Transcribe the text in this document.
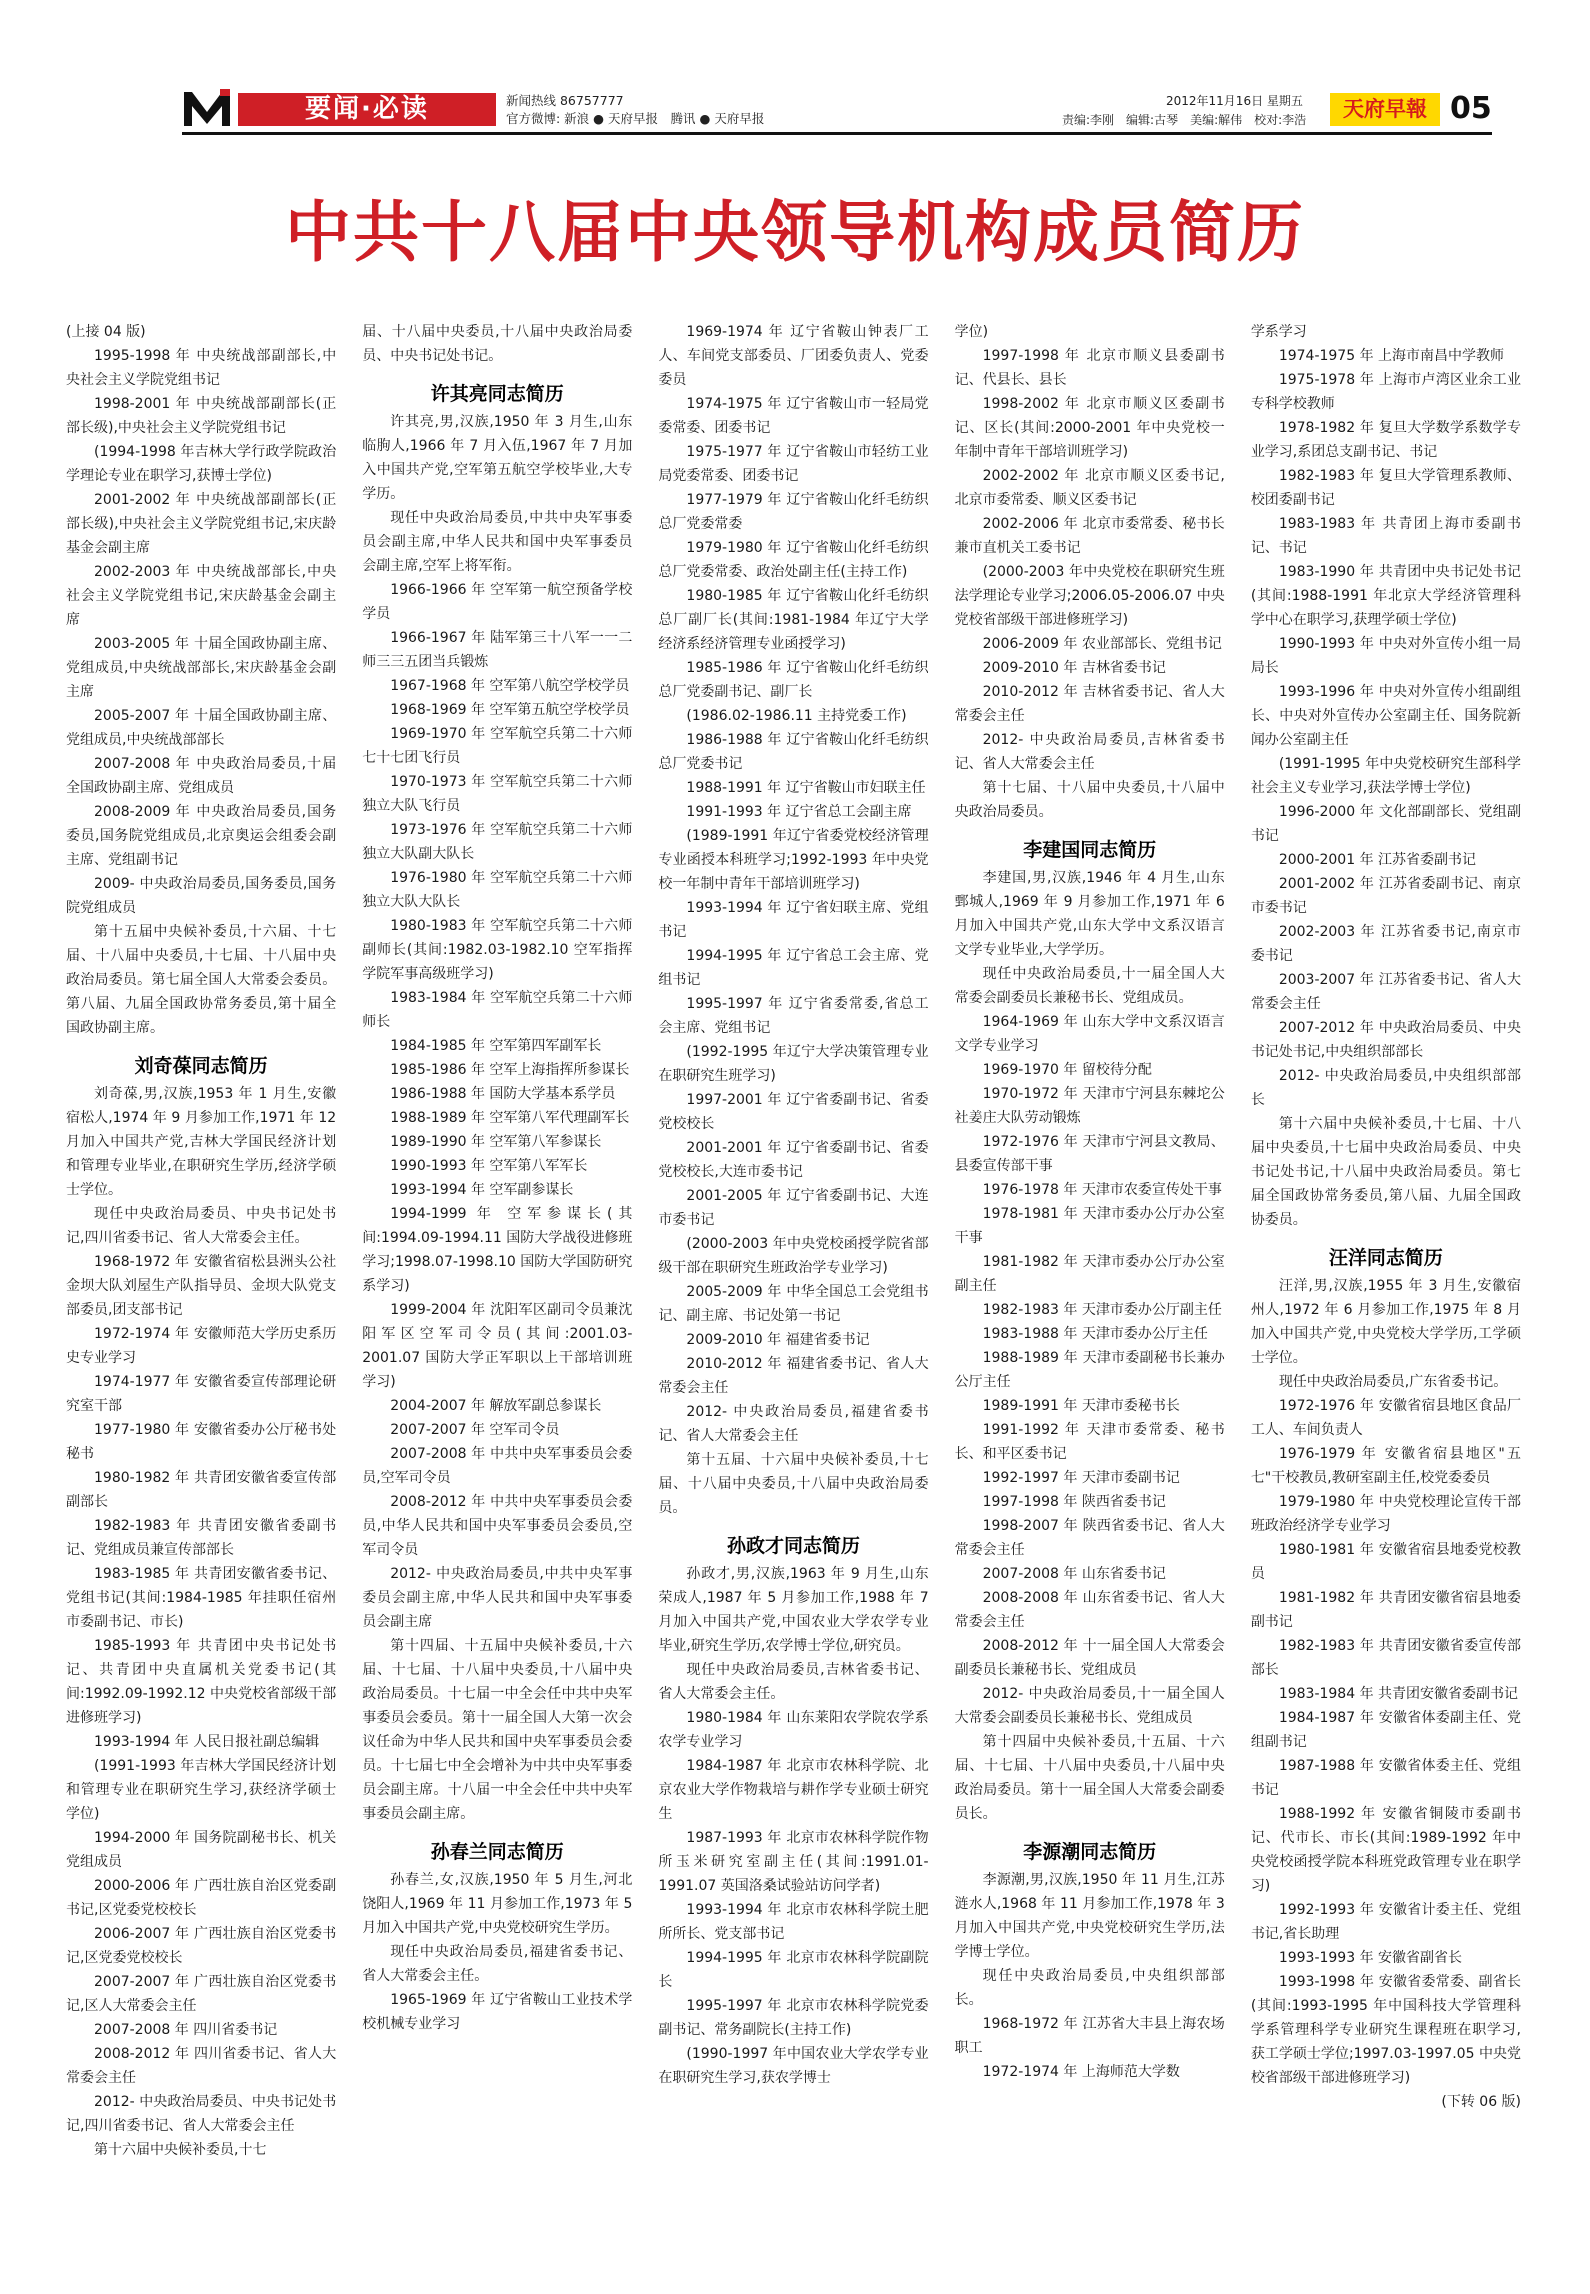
要闻·必读	新闻热线 86757777
官方微博: 新浪 ● 天府早报　腾讯 ● 天府早报
2012年11月16日 星期五
责编:李刚　编辑:古琴　美编:解伟　校对:李浩	天府早報 05
中共十八届中央领导机构成员简历

(上接 04 版)

1995-1998 年 中央统战部副部长,中央社会主义学院党组书记

1998-2001 年 中央统战部副部长(正部长级),中央社会主义学院党组书记

(1994-1998 年吉林大学行政学院政治学理论专业在职学习,获博士学位)

2001-2002 年 中央统战部副部长(正部长级),中央社会主义学院党组书记,宋庆龄基金会副主席

2002-2003 年 中央统战部部长,中央社会主义学院党组书记,宋庆龄基金会副主席

2003-2005 年 十届全国政协副主席、党组成员,中央统战部部长,宋庆龄基金会副主席

2005-2007 年 十届全国政协副主席、党组成员,中央统战部部长

2007-2008 年 中央政治局委员,十届全国政协副主席、党组成员

2008-2009 年 中央政治局委员,国务委员,国务院党组成员,北京奥运会组委会副主席、党组副书记

2009- 中央政治局委员,国务委员,国务院党组成员

第十五届中央候补委员,十六届、十七届、十八届中央委员,十七届、十八届中央政治局委员。第七届全国人大常委会委员。第八届、九届全国政协常务委员,第十届全国政协副主席。

刘奇葆同志简历

刘奇葆,男,汉族,1953 年 1 月生,安徽宿松人,1974 年 9 月参加工作,1971 年 12 月加入中国共产党,吉林大学国民经济计划和管理专业毕业,在职研究生学历,经济学硕士学位。

现任中央政治局委员、中央书记处书记,四川省委书记、省人大常委会主任。

1968-1972 年 安徽省宿松县洲头公社金坝大队刘屋生产队指导员、金坝大队党支部委员,团支部书记

1972-1974 年 安徽师范大学历史系历史专业学习

1974-1977 年 安徽省委宣传部理论研究室干部

1977-1980 年 安徽省委办公厅秘书处秘书

1980-1982 年 共青团安徽省委宣传部副部长

1982-1983 年 共青团安徽省委副书记、党组成员兼宣传部部长

1983-1985 年 共青团安徽省委书记、党组书记(其间:1984-1985 年挂职任宿州市委副书记、市长)

1985-1993 年 共青团中央书记处书记、共青团中央直属机关党委书记(其间:1992.09-1992.12 中央党校省部级干部进修班学习)

1993-1994 年 人民日报社副总编辑

(1991-1993 年吉林大学国民经济计划和管理专业在职研究生学习,获经济学硕士学位)

1994-2000 年 国务院副秘书长、机关党组成员

2000-2006 年 广西壮族自治区党委副书记,区党委党校校长

2006-2007 年 广西壮族自治区党委书记,区党委党校校长

2007-2007 年 广西壮族自治区党委书记,区人大常委会主任

2007-2008 年 四川省委书记

2008-2012 年 四川省委书记、省人大常委会主任

2012- 中央政治局委员、中央书记处书记,四川省委书记、省人大常委会主任

第十六届中央候补委员,十七

届、十八届中央委员,十八届中央政治局委员、中央书记处书记。

许其亮同志简历

许其亮,男,汉族,1950 年 3 月生,山东临朐人,1966 年 7 月入伍,1967 年 7 月加入中国共产党,空军第五航空学校毕业,大专学历。

现任中央政治局委员,中共中央军事委员会副主席,中华人民共和国中央军事委员会副主席,空军上将军衔。

1966-1966 年 空军第一航空预备学校学员

1966-1967 年 陆军第三十八军一一二师三三五团当兵锻炼

1967-1968 年 空军第八航空学校学员

1968-1969 年 空军第五航空学校学员

1969-1970 年 空军航空兵第二十六师七十七团飞行员

1970-1973 年 空军航空兵第二十六师独立大队飞行员

1973-1976 年 空军航空兵第二十六师独立大队副大队长

1976-1980 年 空军航空兵第二十六师独立大队大队长

1980-1983 年 空军航空兵第二十六师副师长(其间:1982.03-1982.10 空军指挥学院军事高级班学习)

1983-1984 年 空军航空兵第二十六师师长

1984-1985 年 空军第四军副军长

1985-1986 年 空军上海指挥所参谋长

1986-1988 年 国防大学基本系学员

1988-1989 年 空军第八军代理副军长

1989-1990 年 空军第八军参谋长

1990-1993 年 空军第八军军长

1993-1994 年 空军副参谋长

1994-1999 年 空军参谋长(其间:1994.09-1994.11 国防大学战役进修班学习;1998.07-1998.10 国防大学国防研究系学习)

1999-2004 年 沈阳军区副司令员兼沈阳军区空军司令员(其间:2001.03-2001.07 国防大学正军职以上干部培训班学习)

2004-2007 年 解放军副总参谋长

2007-2007 年 空军司令员

2007-2008 年 中共中央军事委员会委员,空军司令员

2008-2012 年 中共中央军事委员会委员,中华人民共和国中央军事委员会委员,空军司令员

2012- 中央政治局委员,中共中央军事委员会副主席,中华人民共和国中央军事委员会副主席

第十四届、十五届中央候补委员,十六届、十七届、十八届中央委员,十八届中央政治局委员。十七届一中全会任中共中央军事委员会委员。第十一届全国人大第一次会议任命为中华人民共和国中央军事委员会委员。十七届七中全会增补为中共中央军事委员会副主席。十八届一中全会任中共中央军事委员会副主席。

孙春兰同志简历

孙春兰,女,汉族,1950 年 5 月生,河北饶阳人,1969 年 11 月参加工作,1973 年 5 月加入中国共产党,中央党校研究生学历。

现任中央政治局委员,福建省委书记、省人大常委会主任。

1965-1969 年 辽宁省鞍山工业技术学校机械专业学习

1969-1974 年 辽宁省鞍山钟表厂工人、车间党支部委员、厂团委负责人、党委委员

1974-1975 年 辽宁省鞍山市一轻局党委常委、团委书记

1975-1977 年 辽宁省鞍山市轻纺工业局党委常委、团委书记

1977-1979 年 辽宁省鞍山化纤毛纺织总厂党委常委

1979-1980 年 辽宁省鞍山化纤毛纺织总厂党委常委、政治处副主任(主持工作)

1980-1985 年 辽宁省鞍山化纤毛纺织总厂副厂长(其间:1981-1984 年辽宁大学经济系经济管理专业函授学习)

1985-1986 年 辽宁省鞍山化纤毛纺织总厂党委副书记、副厂长

(1986.02-1986.11 主持党委工作)

1986-1988 年 辽宁省鞍山化纤毛纺织总厂党委书记

1988-1991 年 辽宁省鞍山市妇联主任

1991-1993 年 辽宁省总工会副主席

(1989-1991 年辽宁省委党校经济管理专业函授本科班学习;1992-1993 年中央党校一年制中青年干部培训班学习)

1993-1994 年 辽宁省妇联主席、党组书记

1994-1995 年 辽宁省总工会主席、党组书记

1995-1997 年 辽宁省委常委,省总工会主席、党组书记

(1992-1995 年辽宁大学决策管理专业在职研究生班学习)

1997-2001 年 辽宁省委副书记、省委党校校长

2001-2001 年 辽宁省委副书记、省委党校校长,大连市委书记

2001-2005 年 辽宁省委副书记、大连市委书记

(2000-2003 年中央党校函授学院省部级干部在职研究生班政治学专业学习)

2005-2009 年 中华全国总工会党组书记、副主席、书记处第一书记

2009-2010 年 福建省委书记

2010-2012 年 福建省委书记、省人大常委会主任

2012- 中央政治局委员,福建省委书记、省人大常委会主任

第十五届、十六届中央候补委员,十七届、十八届中央委员,十八届中央政治局委员。

孙政才同志简历

孙政才,男,汉族,1963 年 9 月生,山东荣成人,1987 年 5 月参加工作,1988 年 7 月加入中国共产党,中国农业大学农学专业毕业,研究生学历,农学博士学位,研究员。

现任中央政治局委员,吉林省委书记、省人大常委会主任。

1980-1984 年 山东莱阳农学院农学系农学专业学习

1984-1987 年 北京市农林科学院、北京农业大学作物栽培与耕作学专业硕士研究生

1987-1993 年 北京市农林科学院作物所玉米研究室副主任(其间:1991.01-1991.07 英国洛桑试验站访问学者)

1993-1994 年 北京市农林科学院土肥所所长、党支部书记

1994-1995 年 北京市农林科学院副院长

1995-1997 年 北京市农林科学院党委副书记、常务副院长(主持工作)

(1990-1997 年中国农业大学农学专业在职研究生学习,获农学博士

学位)

1997-1998 年 北京市顺义县委副书记、代县长、县长

1998-2002 年 北京市顺义区委副书记、区长(其间:2000-2001 年中央党校一年制中青年干部培训班学习)

2002-2002 年 北京市顺义区委书记,北京市委常委、顺义区委书记

2002-2006 年 北京市委常委、秘书长兼市直机关工委书记

(2000-2003 年中央党校在职研究生班法学理论专业学习;2006.05-2006.07 中央党校省部级干部进修班学习)

2006-2009 年 农业部部长、党组书记

2009-2010 年 吉林省委书记

2010-2012 年 吉林省委书记、省人大常委会主任

2012- 中央政治局委员,吉林省委书记、省人大常委会主任

第十七届、十八届中央委员,十八届中央政治局委员。

李建国同志简历

李建国,男,汉族,1946 年 4 月生,山东鄄城人,1969 年 9 月参加工作,1971 年 6 月加入中国共产党,山东大学中文系汉语言文学专业毕业,大学学历。

现任中央政治局委员,十一届全国人大常委会副委员长兼秘书长、党组成员。

1964-1969 年 山东大学中文系汉语言文学专业学习

1969-1970 年 留校待分配

1970-1972 年 天津市宁河县东棘坨公社姜庄大队劳动锻炼

1972-1976 年 天津市宁河县文教局、县委宣传部干事

1976-1978 年 天津市农委宣传处干事

1978-1981 年 天津市委办公厅办公室干事

1981-1982 年 天津市委办公厅办公室副主任

1982-1983 年 天津市委办公厅副主任

1983-1988 年 天津市委办公厅主任

1988-1989 年 天津市委副秘书长兼办公厅主任

1989-1991 年 天津市委秘书长

1991-1992 年 天津市委常委、秘书长、和平区委书记

1992-1997 年 天津市委副书记

1997-1998 年 陕西省委书记

1998-2007 年 陕西省委书记、省人大常委会主任

2007-2008 年 山东省委书记

2008-2008 年 山东省委书记、省人大常委会主任

2008-2012 年 十一届全国人大常委会副委员长兼秘书长、党组成员

2012- 中央政治局委员,十一届全国人大常委会副委员长兼秘书长、党组成员

第十四届中央候补委员,十五届、十六届、十七届、十八届中央委员,十八届中央政治局委员。第十一届全国人大常委会副委员长。

李源潮同志简历

李源潮,男,汉族,1950 年 11 月生,江苏涟水人,1968 年 11 月参加工作,1978 年 3 月加入中国共产党,中央党校研究生学历,法学博士学位。

现任中央政治局委员,中央组织部部长。

1968-1972 年 江苏省大丰县上海农场职工

1972-1974 年 上海师范大学数

学系学习

1974-1975 年 上海市南昌中学教师

1975-1978 年 上海市卢湾区业余工业专科学校教师

1978-1982 年 复旦大学数学系数学专业学习,系团总支副书记、书记

1982-1983 年 复旦大学管理系教师、校团委副书记

1983-1983 年 共青团上海市委副书记、书记

1983-1990 年 共青团中央书记处书记(其间:1988-1991 年北京大学经济管理科学中心在职学习,获理学硕士学位)

1990-1993 年 中央对外宣传小组一局局长

1993-1996 年 中央对外宣传小组副组长、中央对外宣传办公室副主任、国务院新闻办公室副主任

(1991-1995 年中央党校研究生部科学社会主义专业学习,获法学博士学位)

1996-2000 年 文化部副部长、党组副书记

2000-2001 年 江苏省委副书记

2001-2002 年 江苏省委副书记、南京市委书记

2002-2003 年 江苏省委书记,南京市委书记

2003-2007 年 江苏省委书记、省人大常委会主任

2007-2012 年 中央政治局委员、中央书记处书记,中央组织部部长

2012- 中央政治局委员,中央组织部部长

第十六届中央候补委员,十七届、十八届中央委员,十七届中央政治局委员、中央书记处书记,十八届中央政治局委员。第七届全国政协常务委员,第八届、九届全国政协委员。

汪洋同志简历

汪洋,男,汉族,1955 年 3 月生,安徽宿州人,1972 年 6 月参加工作,1975 年 8 月加入中国共产党,中央党校大学学历,工学硕士学位。

现任中央政治局委员,广东省委书记。

1972-1976 年 安徽省宿县地区食品厂工人、车间负责人

1976-1979 年 安徽省宿县地区"五七"干校教员,教研室副主任,校党委委员

1979-1980 年 中央党校理论宣传干部班政治经济学专业学习

1980-1981 年 安徽省宿县地委党校教员

1981-1982 年 共青团安徽省宿县地委副书记

1982-1983 年 共青团安徽省委宣传部部长

1983-1984 年 共青团安徽省委副书记

1984-1987 年 安徽省体委副主任、党组副书记

1987-1988 年 安徽省体委主任、党组书记

1988-1992 年 安徽省铜陵市委副书记、代市长、市长(其间:1989-1992 年中央党校函授学院本科班党政管理专业在职学习)

1992-1993 年 安徽省计委主任、党组书记,省长助理

1993-1993 年 安徽省副省长

1993-1998 年 安徽省委常委、副省长(其间:1993-1995 年中国科技大学管理科学系管理科学专业研究生课程班在职学习,获工学硕士学位;1997.03-1997.05 中央党校省部级干部进修班学习)

(下转 06 版)
